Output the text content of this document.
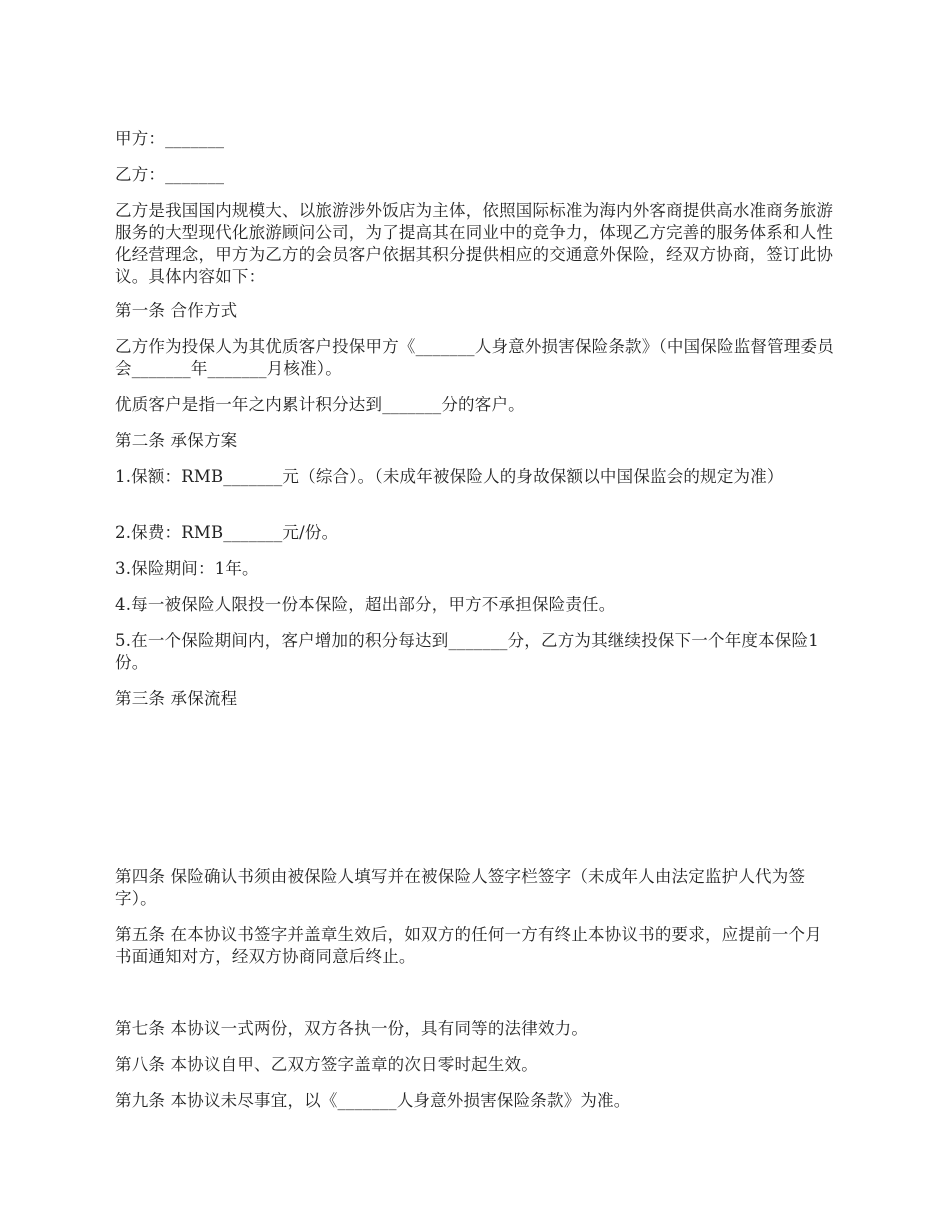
甲方：_______
乙方：_______
乙方是我国国内规模大、以旅游涉外饭店为主体，依照国际标准为海内外客商提供高水准商务旅游服务的大型现代化旅游顾问公司，为了提高其在同业中的竞争力，体现乙方完善的服务体系和人性化经营理念，甲方为乙方的会员客户依据其积分提供相应的交通意外保险，经双方协商，签订此协议。具体内容如下：
第一条 合作方式
乙方作为投保人为其优质客户投保甲方《_______人身意外损害保险条款》（中国保险监督管理委员会_______年_______月核准）。
优质客户是指一年之内累计积分达到_______分的客户。
第二条 承保方案
1.保额：RMB_______元（综合）。（未成年被保险人的身故保额以中国保监会的规定为准）
2.保费：RMB_______元/份。
3.保险期间：1年。
4.每一被保险人限投一份本保险，超出部分，甲方不承担保险责任。
5.在一个保险期间内，客户增加的积分每达到_______分，乙方为其继续投保下一个年度本保险1份。
第三条 承保流程
第四条 保险确认书须由被保险人填写并在被保险人签字栏签字（未成年人由法定监护人代为签字）。
第五条 在本协议书签字并盖章生效后，如双方的任何一方有终止本协议书的要求，应提前一个月书面通知对方，经双方协商同意后终止。
第七条 本协议一式两份，双方各执一份，具有同等的法律效力。
第八条 本协议自甲、乙双方签字盖章的次日零时起生效。
第九条 本协议未尽事宜，以《_______人身意外损害保险条款》为准。
